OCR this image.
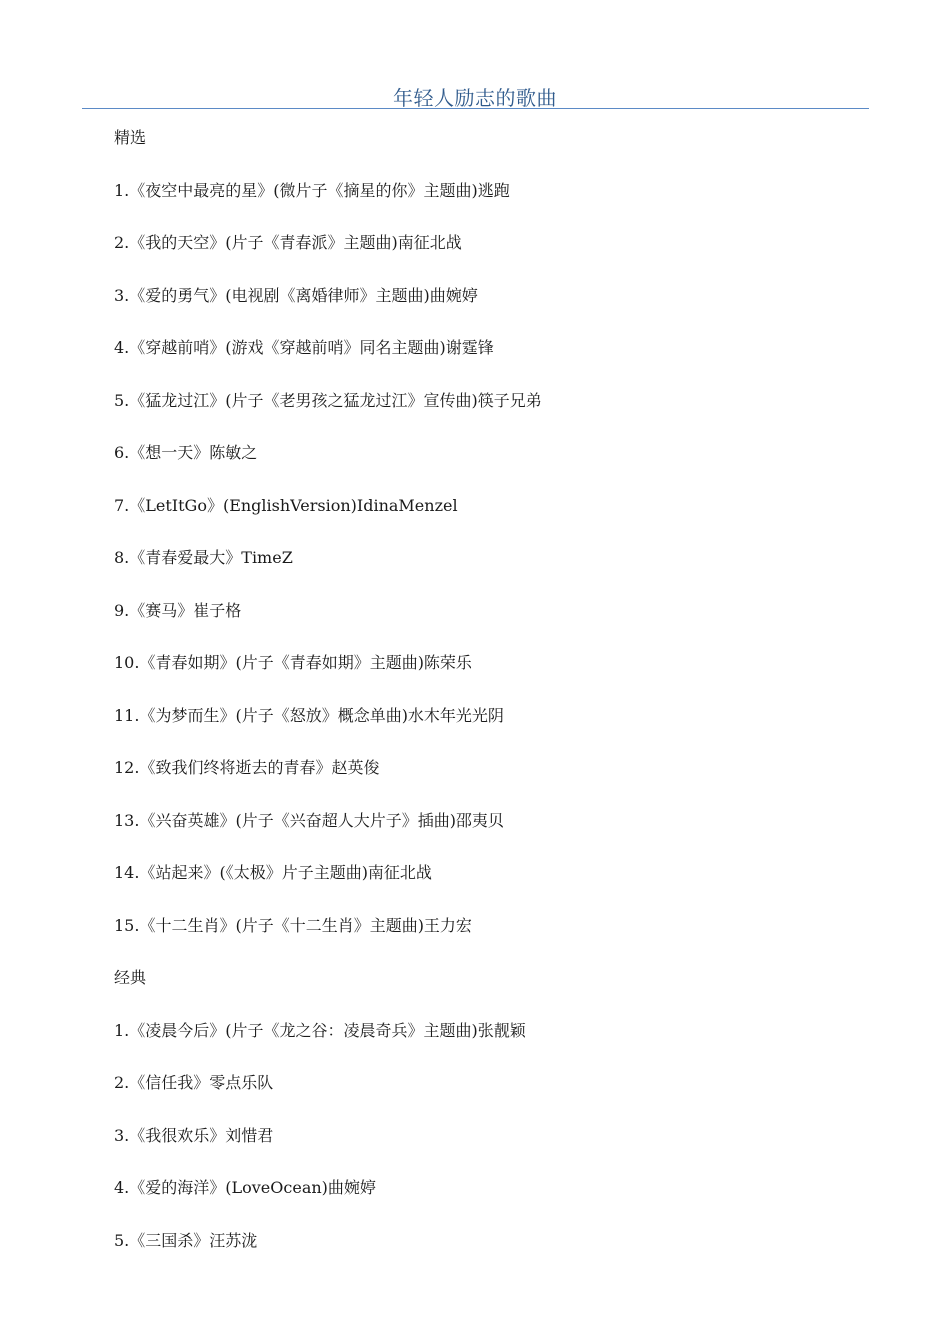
年轻人励志的歌曲
精选
1.《夜空中最亮的星》(微片子《摘星的你》主题曲)逃跑
2.《我的天空》(片子《青春派》主题曲)南征北战
3.《爱的勇气》(电视剧《离婚律师》主题曲)曲婉婷
4.《穿越前哨》(游戏《穿越前哨》同名主题曲)谢霆锋
5.《猛龙过江》(片子《老男孩之猛龙过江》宣传曲)筷子兄弟
6.《想一天》陈敏之
7.《LetItGo》(EnglishVersion)IdinaMenzel
8.《青春爱最大》TimeZ
9.《赛马》崔子格
10.《青春如期》(片子《青春如期》主题曲)陈荣乐
11.《为梦而生》(片子《怒放》概念单曲)水木年光光阴
12.《致我们终将逝去的青春》赵英俊
13.《兴奋英雄》(片子《兴奋超人大片子》插曲)邵夷贝
14.《站起来》(《太极》片子主题曲)南征北战
15.《十二生肖》(片子《十二生肖》主题曲)王力宏
经典
1.《凌晨今后》(片子《龙之谷：凌晨奇兵》主题曲)张靓颖
2.《信任我》零点乐队
3.《我很欢乐》刘惜君
4.《爱的海洋》(LoveOcean)曲婉婷
5.《三国杀》汪苏泷
